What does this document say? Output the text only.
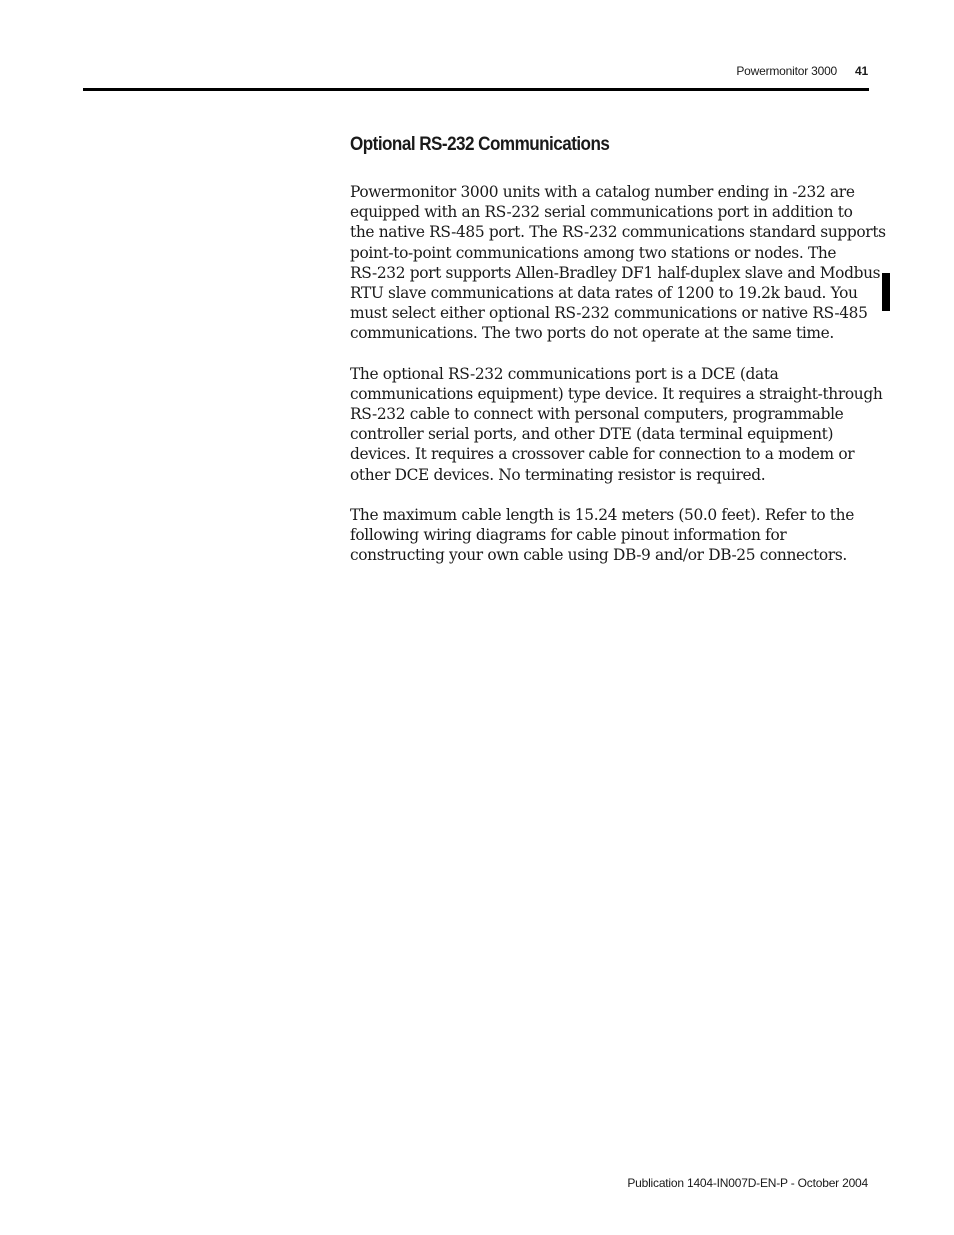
Powermonitor 3000 41
Optional RS-232 Communications

Powermonitor 3000 units with a catalog number ending in -232 are
equipped with an RS-232 serial communications port in addition to
the native RS-485 port. The RS-232 communications standard supports
point-to-point communications among two stations or nodes. The
RS-232 port supports Allen-Bradley DF1 half-duplex slave and Modbus
RTU slave communications at data rates of 1200 to 19.2k baud. You
must select either optional RS-232 communications or native RS-485
communications. The two ports do not operate at the same time.

The optional RS-232 communications port is a DCE (data
communications equipment) type device. It requires a straight-through
RS-232 cable to connect with personal computers, programmable
controller serial ports, and other DTE (data terminal equipment)
devices. It requires a crossover cable for connection to a modem or
other DCE devices. No terminating resistor is required.

The maximum cable length is 15.24 meters (50.0 feet). Refer to the
following wiring diagrams for cable pinout information for
constructing your own cable using DB-9 and/or DB-25 connectors.

Publication 1404-IN007D-EN-P - October 2004
